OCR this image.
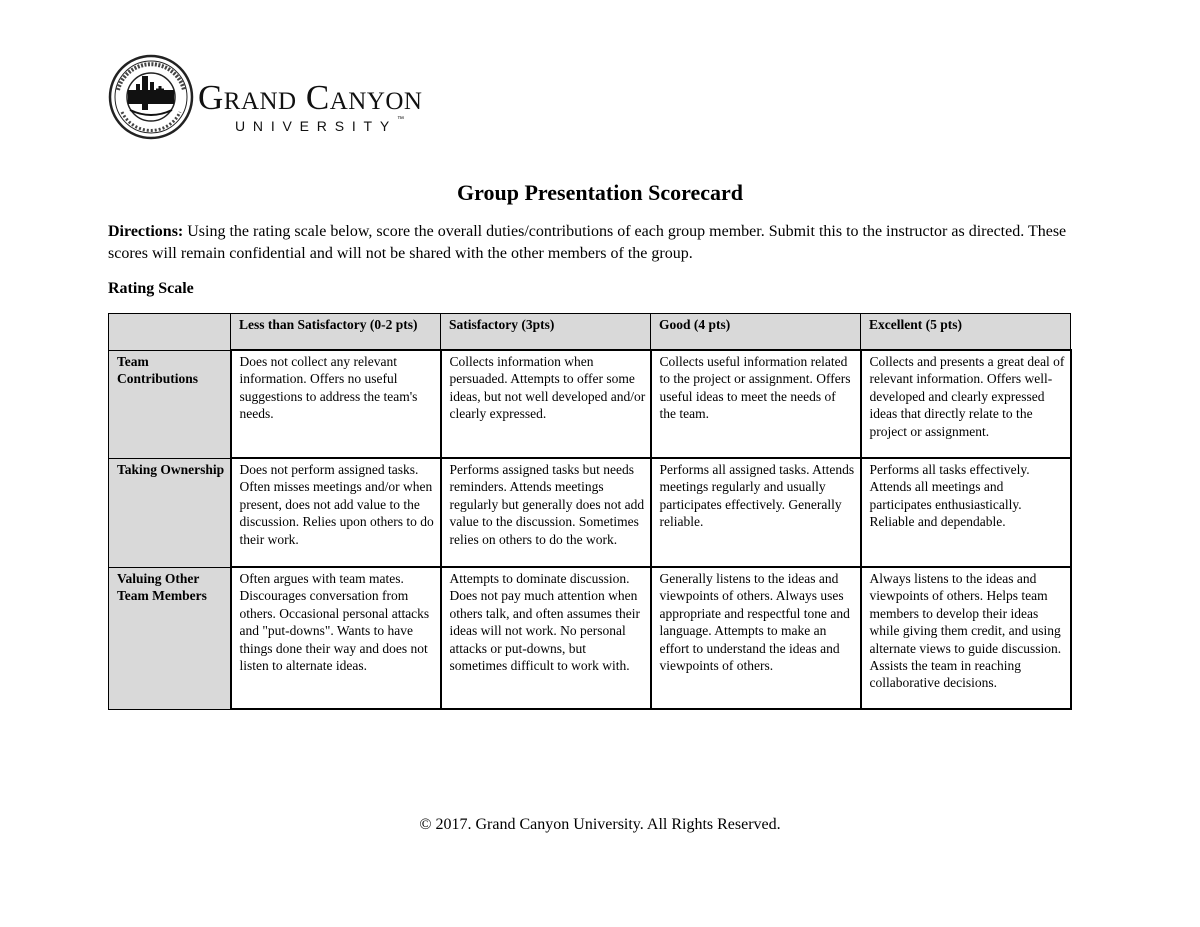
Grand Canyon
UNIVERSITY™
Group Presentation Scorecard
Directions: Using the rating scale below, score the overall duties/contributions of each group member. Submit this to the instructor as directed. These scores will remain confidential and will not be shared with the other members of the group.
Rating Scale
	Less than Satisfactory (0-2 pts)	Satisfactory (3pts)	Good (4 pts)	Excellent (5 pts)
Team Contributions	Does not collect any relevant information. Offers no useful suggestions to address the team's needs.	Collects information when persuaded. Attempts to offer some ideas, but not well developed and/or clearly expressed.	Collects useful information related to the project or assignment. Offers useful ideas to meet the needs of the team.	Collects and presents a great deal of relevant information. Offers well-developed and clearly expressed ideas that directly relate to the project or assignment.
Taking Ownership	Does not perform assigned tasks. Often misses meetings and/or when present, does not add value to the discussion. Relies upon others to do their work.	Performs assigned tasks but needs reminders. Attends meetings regularly but generally does not add value to the discussion. Sometimes relies on others to do the work.	Performs all assigned tasks. Attends meetings regularly and usually participates effectively. Generally reliable.	Performs all tasks effectively. Attends all meetings and participates enthusiastically. Reliable and dependable.
Valuing Other Team Members	Often argues with team mates. Discourages conversation from others. Occasional personal attacks and "put-downs". Wants to have things done their way and does not listen to alternate ideas.	Attempts to dominate discussion. Does not pay much attention when others talk, and often assumes their ideas will not work. No personal attacks or put-downs, but sometimes difficult to work with.	Generally listens to the ideas and viewpoints of others. Always uses appropriate and respectful tone and language. Attempts to make an effort to understand the ideas and viewpoints of others.	Always listens to the ideas and viewpoints of others. Helps team members to develop their ideas while giving them credit, and using alternate views to guide discussion. Assists the team in reaching collaborative decisions.
© 2017. Grand Canyon University. All Rights Reserved.
